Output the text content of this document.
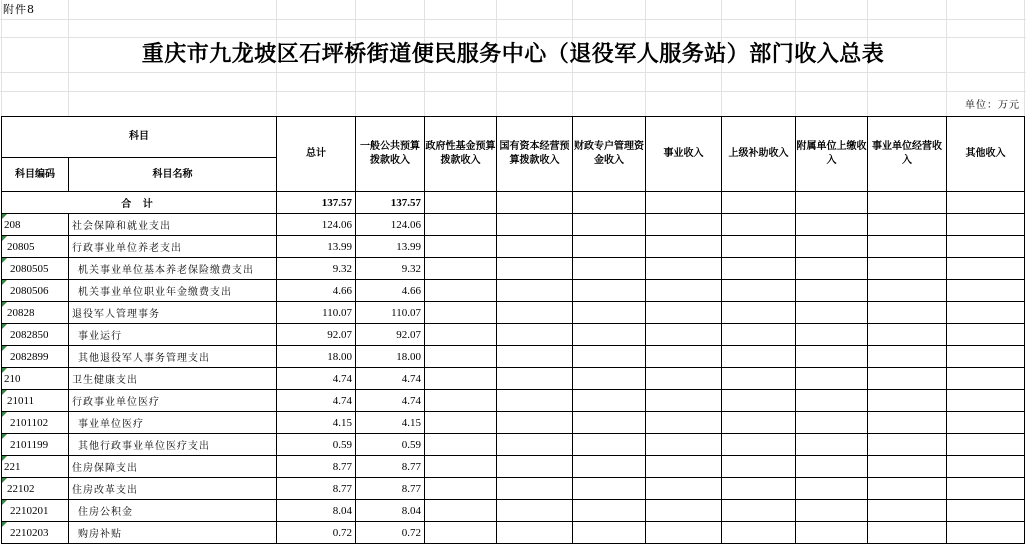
附件8
重庆市九龙坡区石坪桥街道便民服务中心（退役军人服务站）部门收入总表
单位：万元
科目		总计	一般公共预算拨款收入	政府性基金预算拨款收入	国有资本经营预算拨款收入	财政专户管理资金收入	事业收入	上级补助收入	附属单位上缴收入	事业单位经营收入	其他收入
科目编码	科目名称										
合 计		137.57	137.57								

208	社会保障和就业支出	124.06	124.06								

20805	行政事业单位养老支出	13.99	13.99								

2080505	机关事业单位基本养老保险缴费支出	9.32	9.32								

2080506	机关事业单位职业年金缴费支出	4.66	4.66								

20828	退役军人管理事务	110.07	110.07								

2082850	事业运行	92.07	92.07								

2082899	其他退役军人事务管理支出	18.00	18.00								

210	卫生健康支出	4.74	4.74								

21011	行政事业单位医疗	4.74	4.74								

2101102	事业单位医疗	4.15	4.15								

2101199	其他行政事业单位医疗支出	0.59	0.59								

221	住房保障支出	8.77	8.77								

22102	住房改革支出	8.77	8.77								

2210201	住房公积金	8.04	8.04								

2210203	购房补贴	0.72	0.72								
